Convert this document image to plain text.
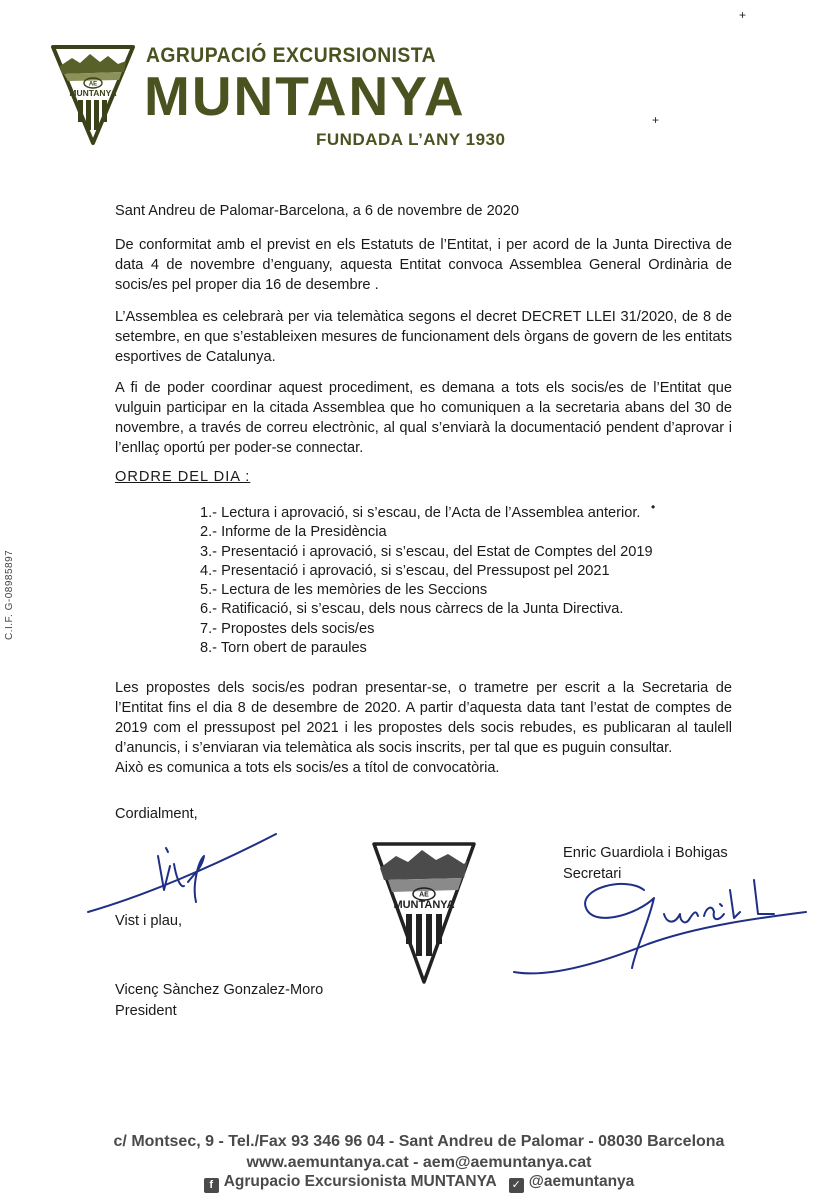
AE
MUNTANYA
AGRUPACIÓ EXCURSIONISTA
MUNTANYA
FUNDADA L’ANY 1930
+
+
C.I.F. G-08985897

Sant Andreu de Palomar-Barcelona, a 6 de novembre de 2020

De conformitat amb el previst en els Estatuts de l’Entitat, i per acord de la Junta Directiva de data 4 de novembre d’enguany, aquesta Entitat convoca Assemblea General Ordinària de socis/es pel proper dia 16 de desembre .

L’Assemblea es celebrarà per via telemàtica segons el decret DECRET LLEI 31/2020, de 8 de setembre, en que s’estableixen mesures de funcionament dels òrgans de govern de les entitats esportives de Catalunya.

A fi de poder coordinar aquest procediment, es demana a tots els socis/es de l’Entitat que vulguin participar en la citada Assemblea que ho comuniquen a la secretaria abans del 30 de novembre, a través de correu electrònic, al qual s’enviarà la documentació pendent d’aprovar i l’enllaç oportú per poder-se connectar.

ORDRE DEL DIA :
1.- Lectura i aprovació, si s’escau, de l’Acta de l’Assemblea anterior.
2.- Informe de la Presidència
3.- Presentació i aprovació, si s’escau, del Estat de Comptes del 2019
4.- Presentació i aprovació, si s’escau, del Pressupost pel 2021
5.- Lectura de les memòries de les Seccions
6.- Ratificació, si s’escau, dels nous càrrecs de la Junta Directiva.
7.- Propostes dels socis/es
8.- Torn obert de paraules
•

Les propostes dels socis/es podran presentar-se, o trametre per escrit a la Secretaria de l’Entitat fins el dia 8 de desembre de 2020. A partir d’aquesta data tant l’estat de comptes de 2019 com el pressupost pel 2021 i les propostes dels socis rebudes, es publicaran al taulell d’anuncis, i s’enviaran via telemàtica als socis inscrits, per tal que es puguin consultar.

Això es comunica a tots els socis/es a títol de convocatòria.

Cordialment,
Vist i plau,
Vicenç Sànchez Gonzalez-Moro
President
AE
MUNTANYA
Enric Guardiola i Bohigas
Secretari
c/ Montsec, 9 - Tel./Fax 93 346 96 04 - Sant Andreu de Palomar - 08030 Barcelona
www.aemuntanya.cat - aem@aemuntanya.cat
f Agrupacio Excursionista MUNTANYA ✓ @aemuntanya
